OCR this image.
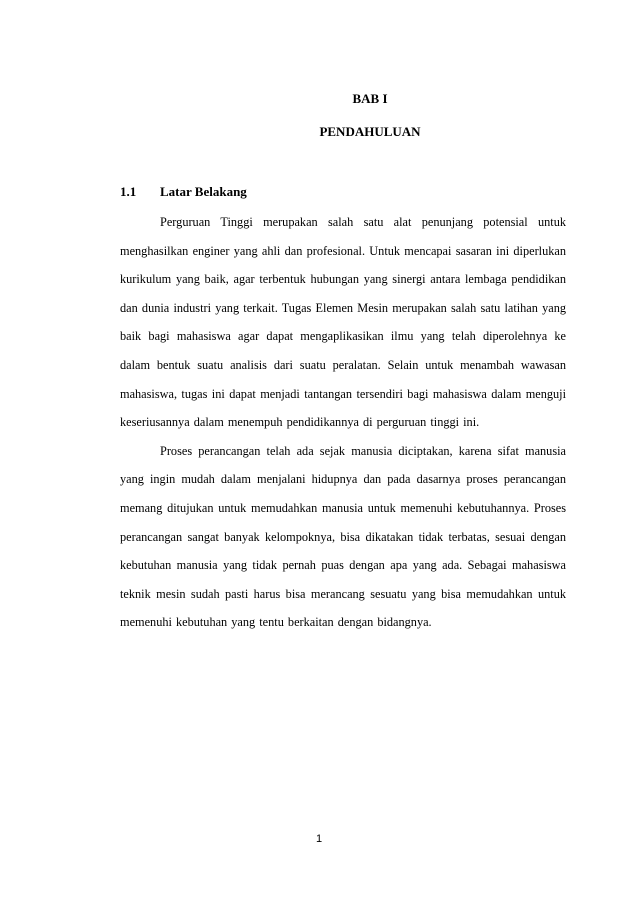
BAB I
PENDAHULUAN
1.1 Latar Belakang

Perguruan Tinggi merupakan salah satu alat penunjang potensial untuk menghasilkan enginer yang ahli dan profesional. Untuk mencapai sasaran ini diperlukan kurikulum yang baik, agar terbentuk hubungan yang sinergi antara lembaga pendidikan dan dunia industri yang terkait. Tugas Elemen Mesin merupakan salah satu latihan yang baik bagi mahasiswa agar dapat mengaplikasikan ilmu yang telah diperolehnya ke dalam bentuk suatu analisis dari suatu peralatan. Selain untuk menambah wawasan mahasiswa, tugas ini dapat menjadi tantangan tersendiri bagi mahasiswa dalam menguji keseriusannya dalam menempuh pendidikannya di perguruan tinggi ini.

Proses perancangan telah ada sejak manusia diciptakan, karena sifat manusia yang ingin mudah dalam menjalani hidupnya dan pada dasarnya proses perancangan memang ditujukan untuk memudahkan manusia untuk memenuhi kebutuhannya. Proses perancangan sangat banyak kelompoknya, bisa dikatakan tidak terbatas, sesuai dengan kebutuhan manusia yang tidak pernah puas dengan apa yang ada. Sebagai mahasiswa teknik mesin sudah pasti harus bisa merancang sesuatu yang bisa memudahkan untuk memenuhi kebutuhan yang tentu berkaitan dengan bidangnya.

1
